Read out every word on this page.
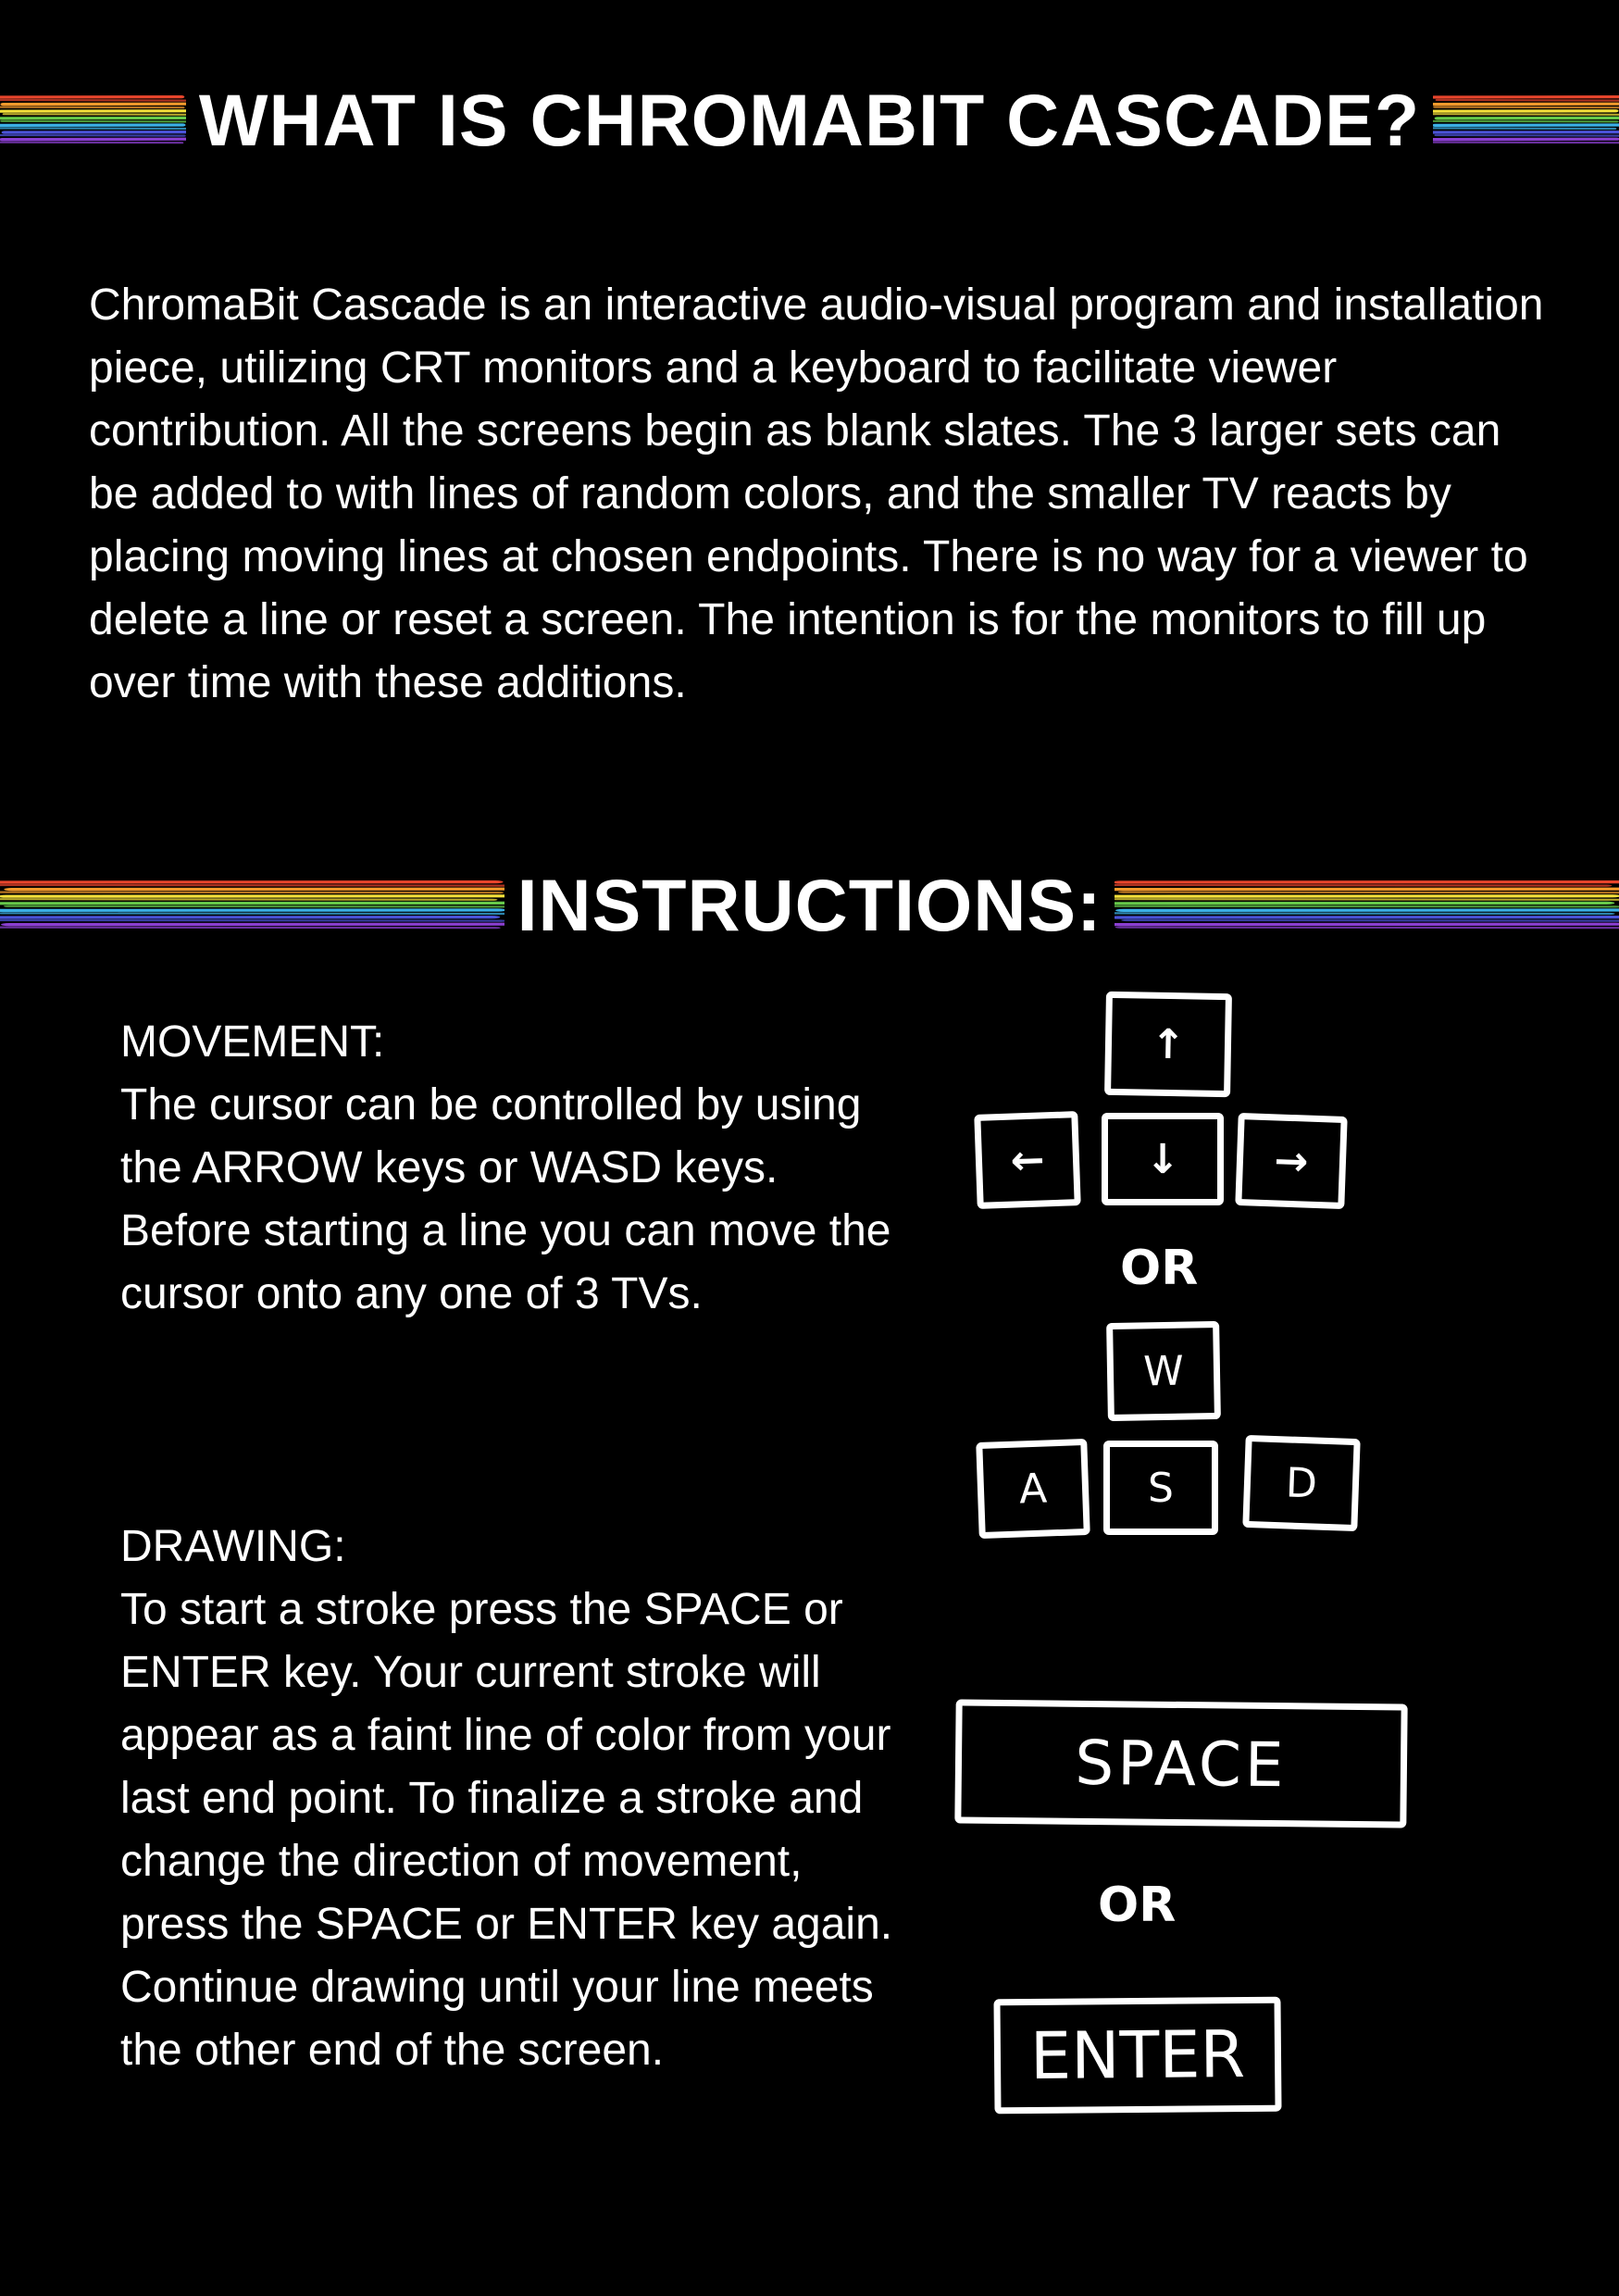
WHAT IS CHROMABIT CASCADE?

ChromaBit Cascade is an interactive audio-visual program and installation piece, utilizing CRT monitors and a keyboard to facilitate viewer contribution. All the screens begin as blank slates. The 3 larger sets can be added to with lines of random colors, and the smaller TV reacts by placing moving lines at chosen endpoints. There is no way for a viewer to delete a line or reset a screen. The intention is for the monitors to fill up over time with these additions.

INSTRUCTIONS:

MOVEMENT:
The cursor can be controlled by using the ARROW keys or WASD keys. Before starting a line you can move the cursor onto any one of 3 TVs.

DRAWING:
To start a stroke press the SPACE or ENTER key. Your current stroke will appear as a faint line of color from your last end point. To finalize a stroke and change the direction of movement, press the SPACE or ENTER key again. Continue drawing until your line meets the other end of the screen.

↑
← ↓ →
OR
W
A S	D
SPACE
OR
ENTER
